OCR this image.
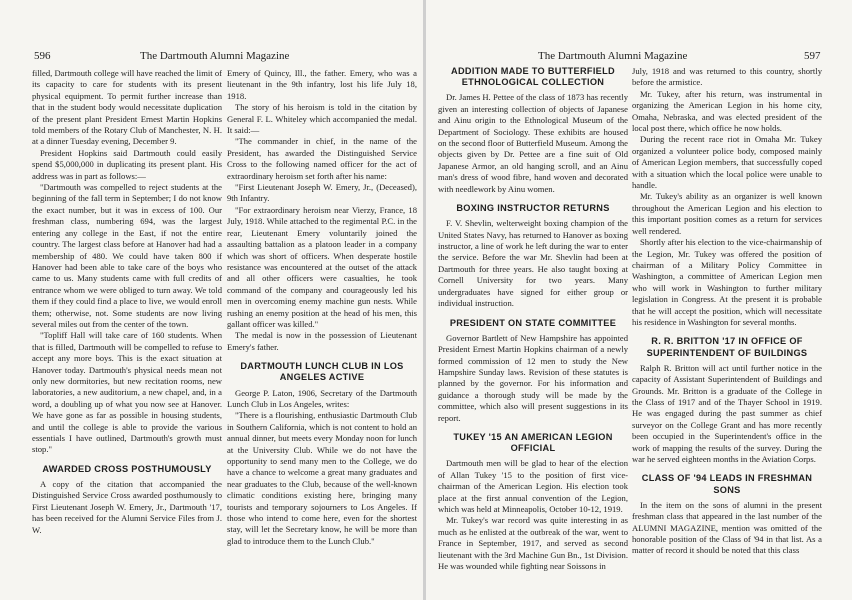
596	The Dartmouth Alumni Magazine

filled, Dartmouth college will have reached the limit of its capacity to care for students with its present physical equipment. To permit further increase than that in the student body would necessitate duplication of the present plant President Ernest Martin Hopkins told members of the Rotary Club of Manchester, N. H. at a dinner Tuesday evening, December 9.

President Hopkins said Dartmouth could easily spend $5,000,000 in duplicating its present plant. His address was in part as follows:—

"Dartmouth was compelled to reject students at the beginning of the fall term in September; I do not know the exact number, but it was in excess of 100. Our freshman class, numbering 694, was the largest entering any college in the East, if not the entire country. The largest class before at Hanover had had a membership of 480. We could have taken 800 if Hanover had been able to take care of the boys who came to us. Many students came with full credits of entrance whom we were obliged to turn away. We told them if they could find a place to live, we would enroll them; otherwise, not. Some students are now living several miles out from the center of the town.

"Topliff Hall will take care of 160 students. When that is filled, Dartmouth will be compelled to refuse to accept any more boys. This is the exact situation at Hanover today. Dartmouth's physical needs mean not only new dormitories, but new recitation rooms, new laboratories, a new auditorium, a new chapel, and, in a word, a doubling up of what you now see at Hanover. We have gone as far as possible in housing students, and until the college is able to provide the various essentials I have outlined, Dartmouth's growth must stop."

AWARDED CROSS POSTHUMOUSLY

A copy of the citation that accompanied the Distinguished Service Cross awarded posthumously to First Lieutenant Joseph W. Emery, Jr., Dartmouth '17, has been received for the Alumni Service Files from J. W.

Emery of Quincy, Ill., the father. Emery, who was a lieutenant in the 9th infantry, lost his life July 18, 1918.

The story of his heroism is told in the citation by General F. L. Whiteley which accompanied the medal. It said:—

"The commander in chief, in the name of the President, has awarded the Distinguished Service Cross to the following named officer for the act of extraordinary heroism set forth after his name:

"First Lieutenant Joseph W. Emery, Jr., (Deceased), 9th Infantry.

"For extraordinary heroism near Vierzy, France, 18 July, 1918. While attached to the regimental P.C. in the rear, Lieutenant Emery voluntarily joined the assaulting battalion as a platoon leader in a company which was short of officers. When desperate hostile resistance was encountered at the outset of the attack and all other officers were casualties, he took command of the company and courageously led his men in overcoming enemy machine gun nests. While rushing an enemy position at the head of his men, this gallant officer was killed."

The medal is now in the possession of Lieutenant Emery's father.

DARTMOUTH LUNCH CLUB IN LOS ANGELES ACTIVE

George P. Laton, 1906, Secretary of the Dartmouth Lunch Club in Los Angeles, writes:

"There is a flourishing, enthusiastic Dartmouth Club in Southern California, which is not content to hold an annual dinner, but meets every Monday noon for lunch at the University Club. While we do not have the opportunity to send many men to the College, we do have a chance to welcome a great many graduates and near graduates to the Club, because of the well-known climatic conditions existing here, bringing many tourists and temporary sojourners to Los Angeles. If those who intend to come here, even for the shortest stay, will let the Secretary know, he will be more than glad to introduce them to the Lunch Club."

The Dartmouth Alumni Magazine	597
ADDITION MADE TO BUTTERFIELD ETHNOLOGICAL COLLECTION

Dr. James H. Pettee of the class of 1873 has recently given an interesting collection of objects of Japanese and Ainu origin to the Ethnological Museum of the Department of Sociology. These exhibits are housed on the second floor of Butterfield Museum. Among the objects given by Dr. Pettee are a fine suit of Old Japanese Armor, an old hanging scroll, and an Ainu man's dress of wood fibre, hand woven and decorated with needlework by Ainu women.

BOXING INSTRUCTOR RETURNS

F. V. Shevlin, welterweight boxing champion of the United States Navy, has returned to Hanover as boxing instructor, a line of work he left during the war to enter the service. Before the war Mr. Shevlin had been at Dartmouth for three years. He also taught boxing at Cornell University for two years. Many undergraduates have signed for either group or individual instruction.

PRESIDENT ON STATE COMMITTEE

Governor Bartlett of New Hampshire has appointed President Ernest Martin Hopkins chairman of a newly formed commission of 12 men to study the New Hampshire Sunday laws. Revision of these statutes is planned by the governor. For his information and guidance a thorough study will be made by the committee, which also will present suggestions in its report.

TUKEY '15 AN AMERICAN LEGION OFFICIAL

Dartmouth men will be glad to hear of the election of Allan Tukey '15 to the position of first vice-chairman of the American Legion. His election took place at the first annual convention of the Legion, which was held at Minneapolis, October 10-12, 1919.

Mr. Tukey's war record was quite interesting in as much as he enlisted at the outbreak of the war, went to France in September, 1917, and served as second lieutenant with the 3rd Machine Gun Bn., 1st Division. He was wounded while fighting near Soissons in

July, 1918 and was returned to this country, shortly before the armistice.

Mr. Tukey, after his return, was instrumental in organizing the American Legion in his home city, Omaha, Nebraska, and was elected president of the local post there, which office he now holds.

During the recent race riot in Omaha Mr. Tukey organized a volunteer police body, composed mainly of American Legion members, that successfully coped with a situation which the local police were unable to handle.

Mr. Tukey's ability as an organizer is well known throughout the American Legion and his election to this important position comes as a return for services well rendered.

Shortly after his election to the vice-chairmanship of the Legion, Mr. Tukey was offered the position of chairman of a Military Policy Committee in Washington, a committee of American Legion men who will work in Washington to further military legislation in Congress. At the present it is probable that he will accept the position, which will necessitate his residence in Washington for several months.

R. R. BRITTON '17 IN OFFICE OF SUPERINTENDENT OF BUILDINGS

Ralph R. Britton will act until further notice in the capacity of Assistant Superintendent of Buildings and Grounds. Mr. Britton is a graduate of the College in the Class of 1917 and of the Thayer School in 1919. He was engaged during the past summer as chief surveyor on the College Grant and has more recently been occupied in the Superintendent's office in the work of mapping the results of the survey. During the war he served eighteen months in the Aviation Corps.

CLASS OF '94 LEADS IN FRESHMAN SONS

In the item on the sons of alumni in the present freshman class that appeared in the last number of the ALUMNI MAGAZINE, mention was omitted of the honorable position of the Class of '94 in that list. As a matter of record it should be noted that this class
